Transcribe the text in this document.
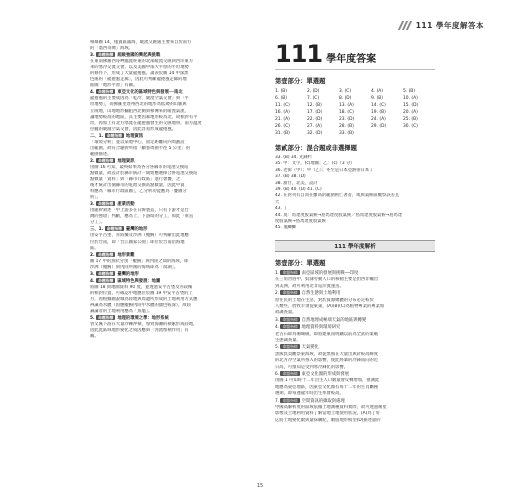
111 學年度解答本
相鄰圖 14，僅賓區滿海，暖流交匯處主要來自於南方
的「墨西哥灣」海域。
3. 命題指標 超級強國的興起與挑戰
在東南佛羅西哥岬蟲流經東的北部暖流交匯與西洋東方
來的寒冷交流交會，以及美國中部大平原的平坦地勢
的條件下，形成了大量龍捲風，讀表於圖 14 中深黑
色處的「龍捲風走廊」，因此可判斷龍捲風走廊的地
區圖「地形平原」有關。
4. 命題指標 東亞文化的區域特色與發展──南北
龍捲風的主要成因為「乾冷、暖溼空氣交會」與「平
坦地勢」，而佛羅里達州西北的地形為低矮的山脈與
丘陵地，山地地形攔阻西北側與相傳來的暖溼氣流，
讓地勢較高的地區，其主要因素地形較為北，故相對有平
坦，再加上有北方寒流在龍捲風發生的交匯地帶，南方溫度
拉攏的暖濕空氣交會，因此容易形成龍捲風。
二、1. 命題指標 地理資訊
「環境分析」並以某地中心，固定距離向四周劃設
出範圍，故符合題幹所指「顧客周圍半徑 5 公里」的
範圍描述。
2. 命題指標 地理資訊
由圖 16 可知，最終結果為各分各縣市的電池交換站
點數量，故設計於縣市統計一開始應選擇合併電池交換站
點數量「資料」與「縣市行政區」進行會疊，之
後才統計出個縣市的電池交換站點數量，因此甲資
料應為「縣市行政區圖」，乙分析功能應為「疊圖分
析」。
3. 命題指標 產業活動
由題幹敘述「中上游多在日韓製造，只有下游才是台
灣的強項」判斷，應為上、下游間的分工，如此「垂直
分工」。
三、1. 命題指標 臺灣的地形
由安平古堡、赤嵌樓及沙洲（鯤鯓）可判斷出此地應
位於台南，即「台江國家公園」即位於台南沿海地
區。
2. 命題指標 地形景觀
圖 17 中的魚狀分別「鯤鯓」與內陸之間的海域，即
沙洲（鯤鯓）與內陸所圍的海域即為「潟湖」。
3. 命題指標 臺灣的地形
4. 命題指標 區域特色與發展：地圖
將圖 18 與地圖資料 90 度，並透過安平古堡及赤崁樓
的相對位置，可確認甲地應位於圖 19 中安平古堡的上
方，再根據圖說城為陸地與周邊所形成的土地利用方式應
辨識為水體（因應鯤鯓內陸中水體的顏色較深），故陸
識論者的土地利用應為「魚塭」。
5. 命題指標 地理的環境之學：地形系統
曾文溪下游在大量沙礫沖積，導致海灘的積累形成陸地，
因此此區域地形變化之成因應與「河流堆積作用」有
關。
111 學年度答案
第壹部分：單選題
1. (B)	2. (D)	3. (C)	4. (A)	5. (B)
6. (B)	7. (C)	8. (D)	9. (B)	10. (A)
11. (C)	12. (B)	13. (A)	14. (C)	15. (D)
16. (A)	17. (D)	18. (C)	19. (B)	20. (A)
21. (A)	22. (D)	23. (D)	24. (A)	25. (B)
26. (C)	27. (A)	28. (B)	29. (D)	30. (C)
31. (B)	32. (D)	33. (B)
第貳部分：混合題或非選擇題
33. (B) 34. 先鋒杉
35. 甲：文字，(c)地圖；乙：(c)（3 分）
36. 老街（甲）；甲（乙）；冬至是日本亞熱帶日本丁
37. (B) 38. (D)
38. 甜甘，北美，設計
39. (B) 40. (D) 41. (C)
42. 在對刊有自而在雖高的範圍則亡著者，或與氣候區觀察誤差且
大
43. 丁
44. 臭：馬達度股氣候→島馬達度股氣候／島馬達度股氣候→島馬達
度股氣候→島馬達度股氣候
45. 鬼鯽鯽
111 學年度解析
第壹部分：單選題
1. 命題指標 南亞區域的發展與挑戰──印度
在三角習俗中，奴隸勞動人口的移動主要是由西非輸出
到美洲，故可利用北非巡洋流運送。
2. 命題指標 自然生態與土地利用
原住民的土地在生活，對於資源總體的分布必定較於
人煙些，放牧羊須從東東，(A)(B)(C)為植物專業的專業加
故調查量。
3. 命題指標 自然地理成極端天氣的地區與轉變
4. 命題指標 地理資料與環境研究
老古石即為珊瑚礁，即將建東南明鐵以前為全武的案礁
生態調查量。
5. 命題指標 天氣變化
黑熊負責觀察東海域，故從黑熊在大量出與針較高緯度
的北方冷空氣所導入的影響，使此經暴的冷鋒南向的近
日高，可推知是受到寒冷鋒化的影響。
6. 命題指標 東亞文化圈的形成與發展
由圖 1 可知時十二年出生人口數量會反轉增加，推測此
地應為東亞地區，因東亞文化圈有每十二年的生肖屬種
選期，即每逢龍年時出生率會較高。
7. 命題指標 空間資訊的擷取與處理
中國高解析度的區域依據土地測種資料實際，故可透過衛星
影像及土地利用資料了解當地土地使用狀況，(A)為了好
亿將土地變化數與量採購紀，數值地形模型(D)描述量的
15
